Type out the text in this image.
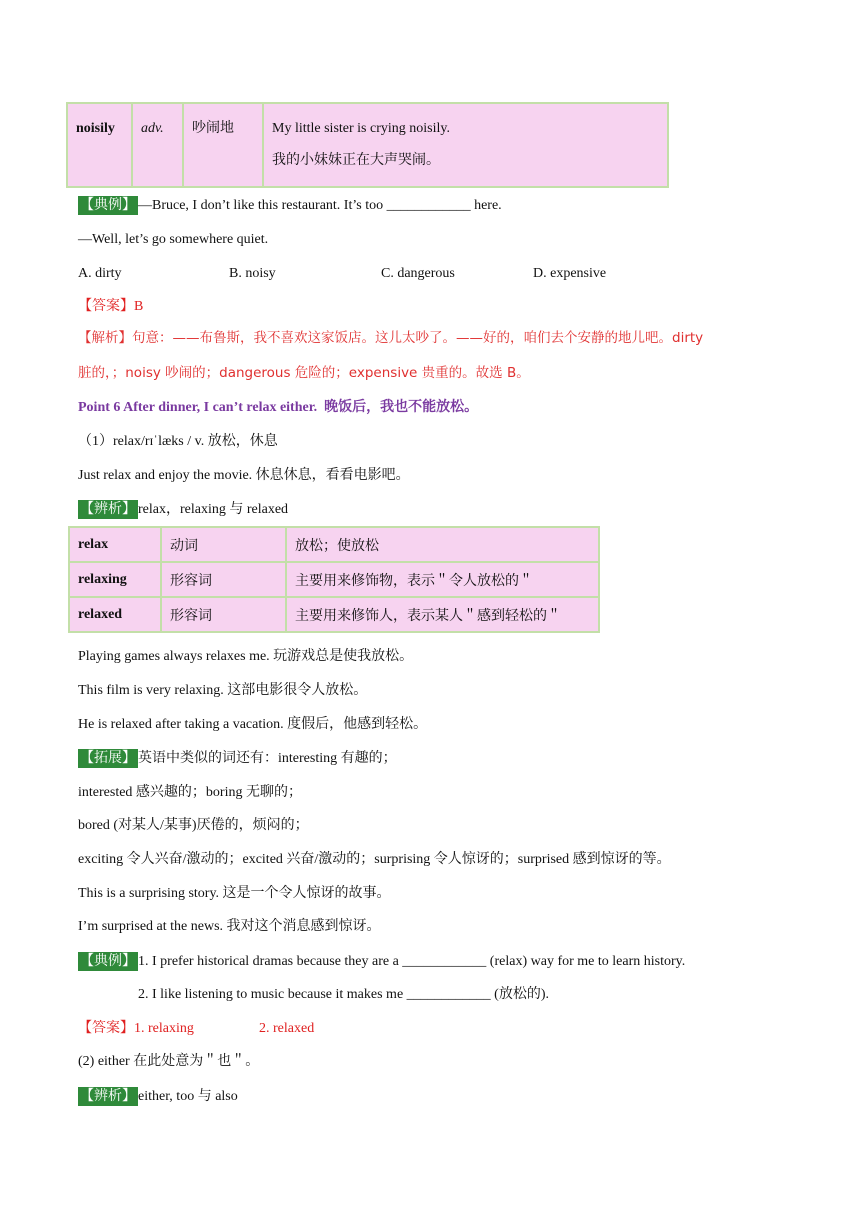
noisily	adv.	吵闹地	My little sister is crying noisily.
我的小妹妹正在大声哭闹。
【典例】 —Bruce, I don’t like this restaurant. It’s too ____________ here.
—Well, let’s go somewhere quiet.
A. dirty	B. noisy	C. dangerous	D. expensive
【答案】B
【解析】句意：——布鲁斯，我不喜欢这家饭店。这儿太吵了。——好的，咱们去个安静的地儿吧。dirty
脏的，；noisy 吵闹的；dangerous 危险的；expensive 贵重的。故选 B。
Point 6 After dinner, I can’t relax either. 晚饭后，我也不能放松。
（1）relax/rɪˈlæks / v. 放松，休息
Just relax and enjoy the movie. 休息休息，看看电影吧。
【辨析】 relax，relaxing 与 relaxed
relax	动词	放松；使放松
relaxing	形容词	主要用来修饰物，表示＂令人放松的＂
relaxed	形容词	主要用来修饰人，表示某人＂感到轻松的＂
Playing games always relaxes me. 玩游戏总是使我放松。
This film is very relaxing. 这部电影很令人放松。
He is relaxed after taking a vacation. 度假后，他感到轻松。
【拓展】 英语中类似的词还有：interesting 有趣的；
interested 感兴趣的；boring 无聊的；
bored (对某人/某事)厌倦的，烦闷的；
exciting 令人兴奋/激动的；excited 兴奋/激动的；surprising 令人惊讶的；surprised 感到惊讶的等。
This is a surprising story. 这是一个令人惊讶的故事。
I’m surprised at the news. 我对这个消息感到惊讶。
【典例】 1. I prefer historical dramas because they are a ____________ (relax) way for me to learn history.
2. I like listening to music because it makes me ____________ (放松的).
【答案】1. relaxing	2. relaxed
(2) either 在此处意为＂也＂。
【辨析】 either, too 与 also
